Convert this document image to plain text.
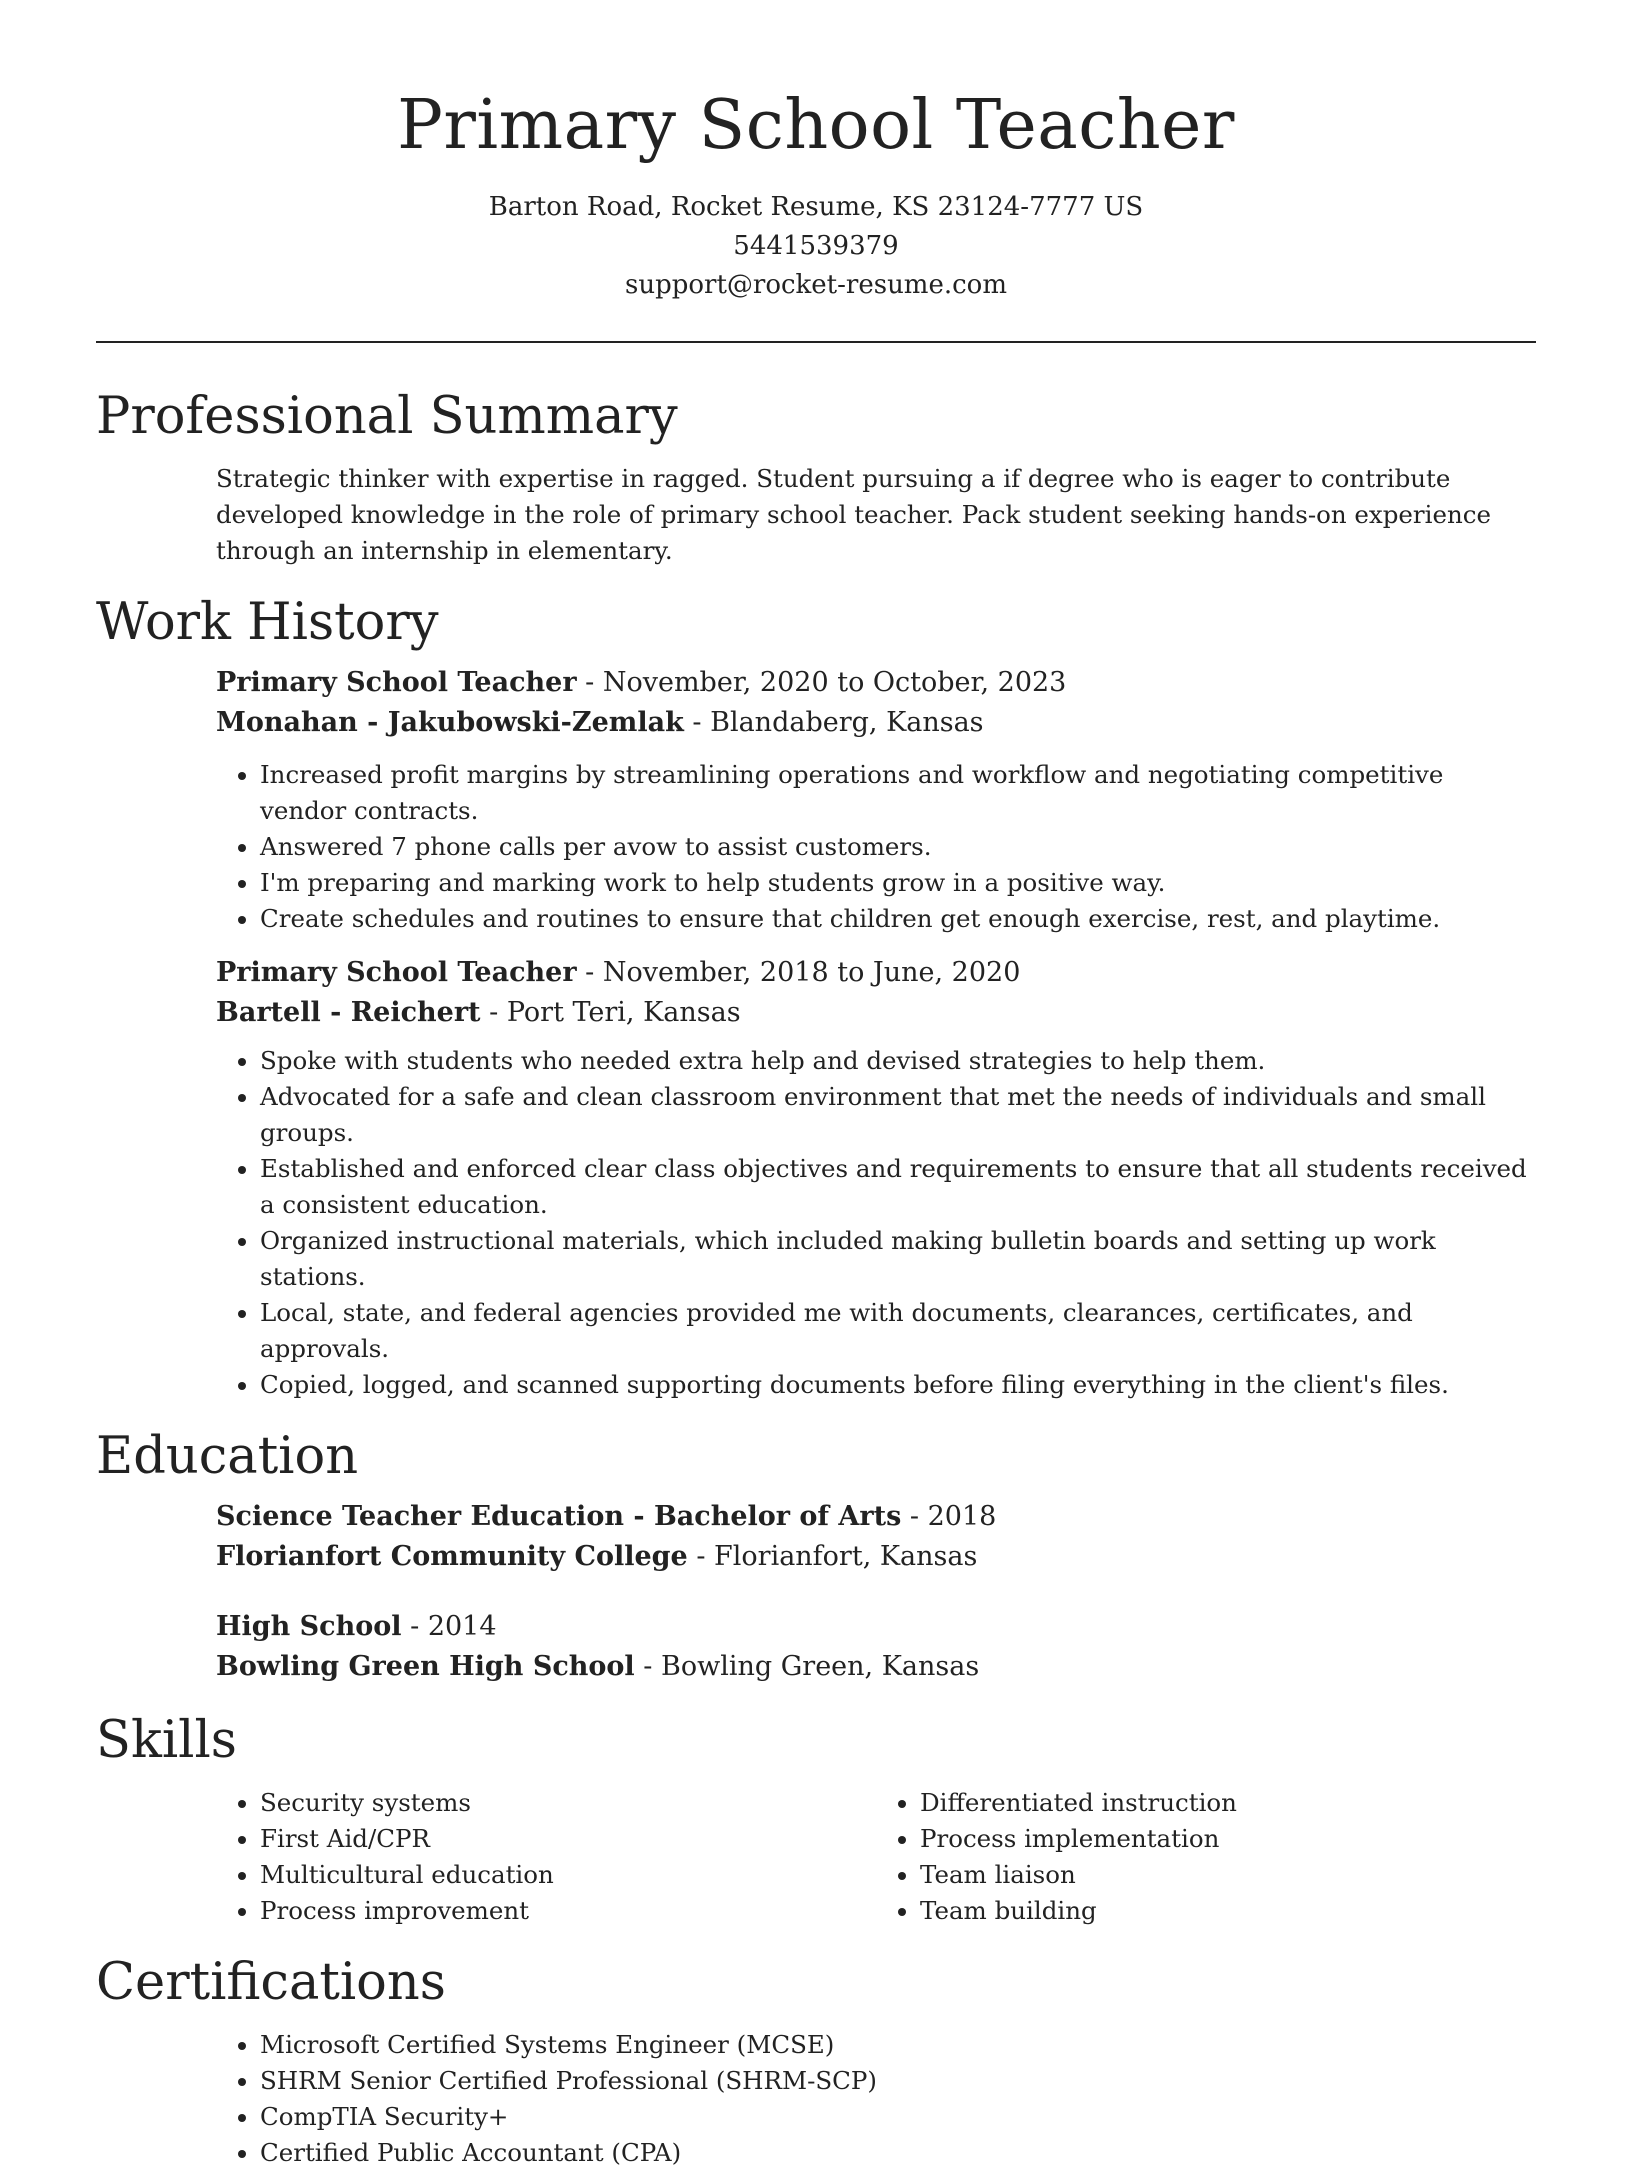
Primary School Teacher
Barton Road, Rocket Resume, KS 23124-7777 US
5441539379
support@rocket-resume.com
Professional Summary

Strategic thinker with expertise in ragged. Student pursuing a if degree who is eager to contribute developed knowledge in the role of primary school teacher. Pack student seeking hands-on experience through an internship in elementary.

Work History
Primary School Teacher - November, 2020 to October, 2023
Monahan - Jakubowski-Zemlak - Blandaberg, Kansas
• Increased profit margins by streamlining operations and workflow and negotiating competitive vendor contracts.
• Answered 7 phone calls per avow to assist customers.
• I'm preparing and marking work to help students grow in a positive way.
• Create schedules and routines to ensure that children get enough exercise, rest, and playtime.
Primary School Teacher - November, 2018 to June, 2020
Bartell - Reichert - Port Teri, Kansas
• Spoke with students who needed extra help and devised strategies to help them.
• Advocated for a safe and clean classroom environment that met the needs of individuals and small groups.
• Established and enforced clear class objectives and requirements to ensure that all students received a consistent education.
• Organized instructional materials, which included making bulletin boards and setting up work stations.
• Local, state, and federal agencies provided me with documents, clearances, certificates, and approvals.
• Copied, logged, and scanned supporting documents before filing everything in the client's files.
Education
Science Teacher Education - Bachelor of Arts - 2018
Florianfort Community College - Florianfort, Kansas
High School - 2014
Bowling Green High School - Bowling Green, Kansas
Skills
• Security systems
• First Aid/CPR
• Multicultural education
• Process improvement
• Differentiated instruction
• Process implementation
• Team liaison
• Team building
Certifications
• Microsoft Certified Systems Engineer (MCSE)
• SHRM Senior Certified Professional (SHRM-SCP)
• CompTIA Security+
• Certified Public Accountant (CPA)
